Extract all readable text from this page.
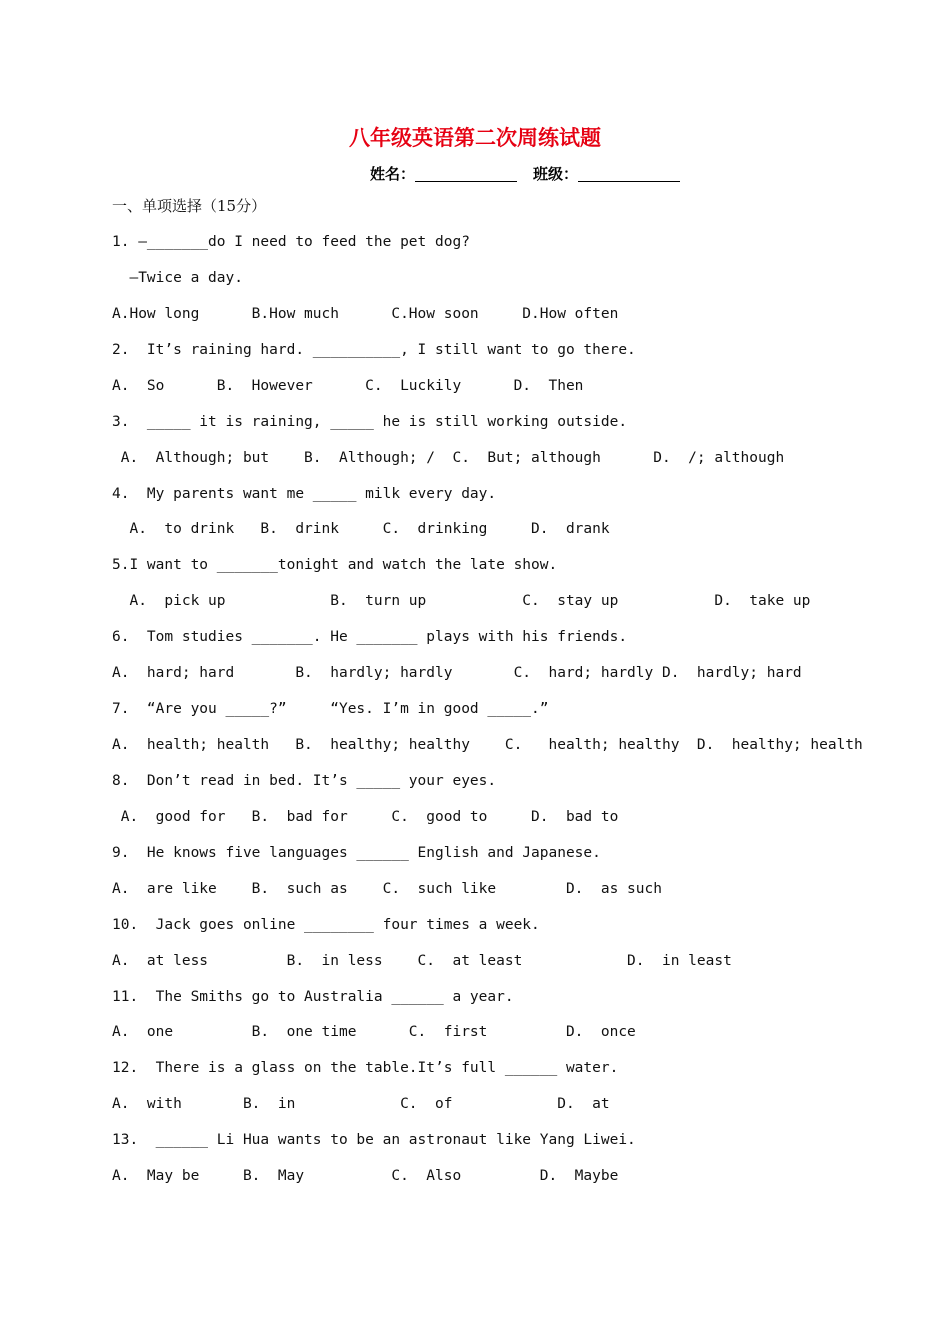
八年级英语第二次周练试题
姓名：	班级：
一、单项选择（15分）
1. —_______do I need to feed the pet dog?
—Twice a day.
A.How long      B.How much      C.How soon     D.How often
2.  It’s raining hard. __________, I still want to go there.
A.  So      B.  However      C.  Luckily      D.  Then
3.  _____ it is raining, _____ he is still working outside.
A.  Although; but    B.  Although; /  C.  But; although      D.  /; although
4.  My parents want me _____ milk every day.
A.  to drink   B.  drink     C.  drinking     D.  drank
5.I want to _______tonight and watch the late show.
A.  pick up            B.  turn up           C.  stay up           D.  take up
6.  Tom studies _______. He _______ plays with his friends.
A.  hard; hard       B.  hardly; hardly       C.  hard; hardly D.  hardly; hard
7.  “Are you _____?”     “Yes. I’m in good _____.”
A.  health; health   B.  healthy; healthy    C.   health; healthy  D.  healthy; health
8.  Don’t read in bed. It’s _____ your eyes.
A.  good for   B.  bad for     C.  good to     D.  bad to
9.  He knows five languages ______ English and Japanese.
A.  are like    B.  such as    C.  such like        D.  as such
10.  Jack goes online ________ four times a week.
A.  at less         B.  in less    C.  at least            D.  in least
11.  The Smiths go to Australia ______ a year.
A.  one         B.  one time      C.  first         D.  once
12.  There is a glass on the table.It’s full ______ water.
A.  with       B.  in            C.  of            D.  at
13.  ______ Li Hua wants to be an astronaut like Yang Liwei.
A.  May be     B.  May          C.  Also         D.  Maybe
